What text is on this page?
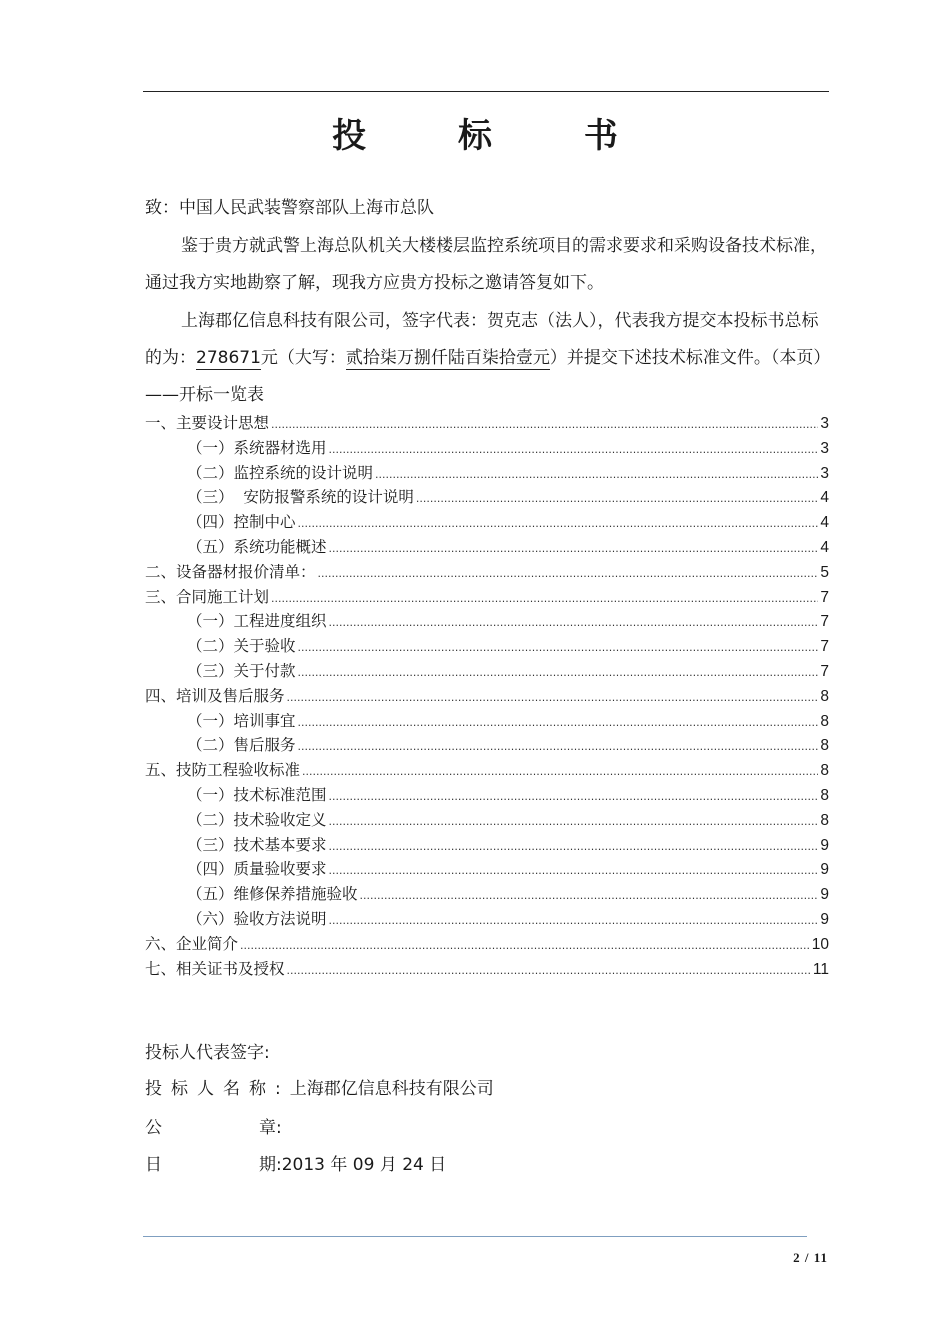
投 标 书
致：中国人民武装警察部队上海市总队
鉴于贵方就武警上海总队机关大楼楼层监控系统项目的需求要求和采购设备技术标准，通过我方实地勘察了解，现我方应贵方投标之邀请答复如下。
上海郡亿信息科技有限公司，签字代表：贺克志（法人），代表我方提交本投标书总标的为：278671元（大写：贰拾柒万捌仟陆百柒拾壹元）并提交下述技术标准文件。（本页）——开标一览表
一、主要设计思想 .....	3
（一）系统器材选用 .....	3
（二）监控系统的设计说明 .....	3
（三）  安防报警系统的设计说明 .....	4
（四）控制中心 .....	4
（五）系统功能概述 .....	4
二、设备器材报价清单： .....	5
三、合同施工计划 .....	7
（一）工程进度组织 .....	7
（二）关于验收 .....	7
（三）关于付款 .....	7
四、培训及售后服务 .....	8
（一）培训事宜 .....	8
（二）售后服务 .....	8
五、技防工程验收标准 .....	8
（一）技术标准范围 .....	8
（二）技术验收定义 .....	8
（三）技术基本要求 .....	9
（四）质量验收要求 .....	9
（五）维修保养措施验收 .....	9
（六）验收方法说明 .....	9
六、企业简介 .....	10
七、相关证书及授权 .....	11
投标人代表签字:
投标人名称:上海郡亿信息科技有限公司
公	章:
日	期:2013 年 09 月 24 日
2 / 11
